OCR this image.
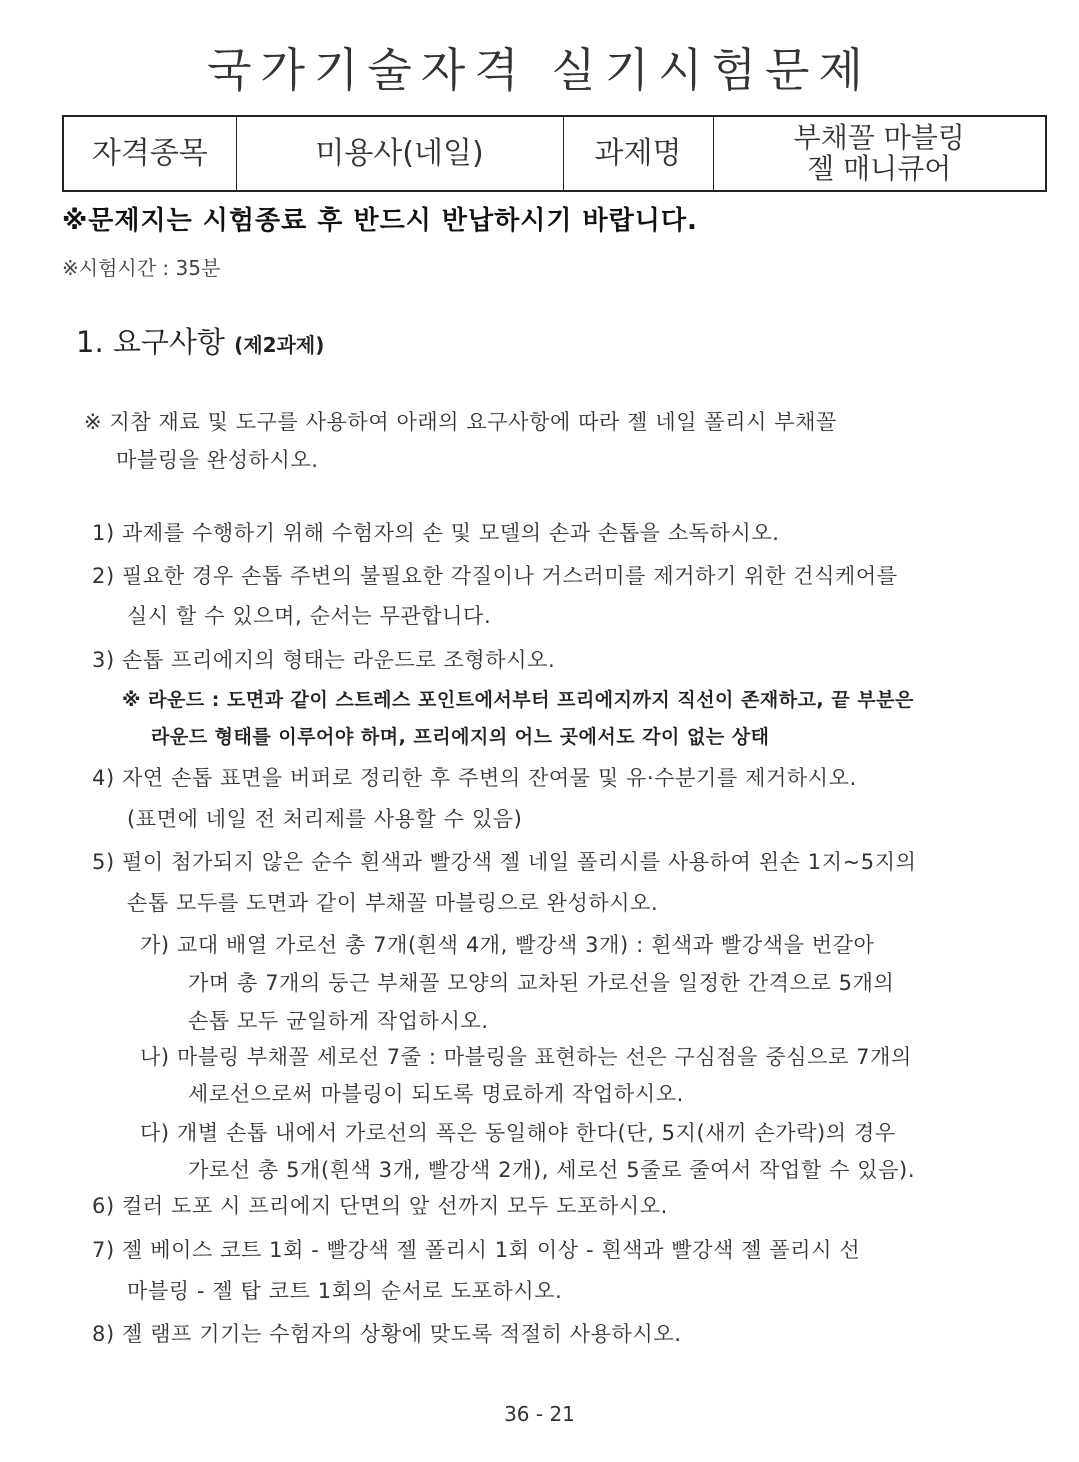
국가기술자격 실기시험문제
자격종목	미용사(네일)	과제명	부채꼴 마블링
젤 매니큐어
※문제지는 시험종료 후 반드시 반납하시기 바랍니다.
※시험시간 : 35분
1. 요구사항 (제2과제)
※ 지참 재료 및 도구를 사용하여 아래의 요구사항에 따라 젤 네일 폴리시 부채꼴
마블링을 완성하시오.
1) 과제를 수행하기 위해 수험자의 손 및 모델의 손과 손톱을 소독하시오.
2) 필요한 경우 손톱 주변의 불필요한 각질이나 거스러미를 제거하기 위한 건식케어를
실시 할 수 있으며, 순서는 무관합니다.
3) 손톱 프리에지의 형태는 라운드로 조형하시오.
※ 라운드 : 도면과 같이 스트레스 포인트에서부터 프리에지까지 직선이 존재하고, 끝 부분은
라운드 형태를 이루어야 하며, 프리에지의 어느 곳에서도 각이 없는 상태
4) 자연 손톱 표면을 버퍼로 정리한 후 주변의 잔여물 및 유·수분기를 제거하시오.
(표면에 네일 전 처리제를 사용할 수 있음)
5) 펄이 첨가되지 않은 순수 흰색과 빨강색 젤 네일 폴리시를 사용하여 왼손 1지~5지의
손톱 모두를 도면과 같이 부채꼴 마블링으로 완성하시오.
가) 교대 배열 가로선 총 7개(흰색 4개, 빨강색 3개) : 흰색과 빨강색을 번갈아
가며 총 7개의 둥근 부채꼴 모양의 교차된 가로선을 일정한 간격으로 5개의
손톱 모두 균일하게 작업하시오.
나) 마블링 부채꼴 세로선 7줄 : 마블링을 표현하는 선은 구심점을 중심으로 7개의
세로선으로써 마블링이 되도록 명료하게 작업하시오.
다) 개별 손톱 내에서 가로선의 폭은 동일해야 한다(단, 5지(새끼 손가락)의 경우
가로선 총 5개(흰색 3개, 빨강색 2개), 세로선 5줄로 줄여서 작업할 수 있음).
6) 컬러 도포 시 프리에지 단면의 앞 선까지 모두 도포하시오.
7) 젤 베이스 코트 1회 - 빨강색 젤 폴리시 1회 이상 - 흰색과 빨강색 젤 폴리시 선
마블링 - 젤 탑 코트 1회의 순서로 도포하시오.
8) 젤 램프 기기는 수험자의 상황에 맞도록 적절히 사용하시오.
36 - 21
